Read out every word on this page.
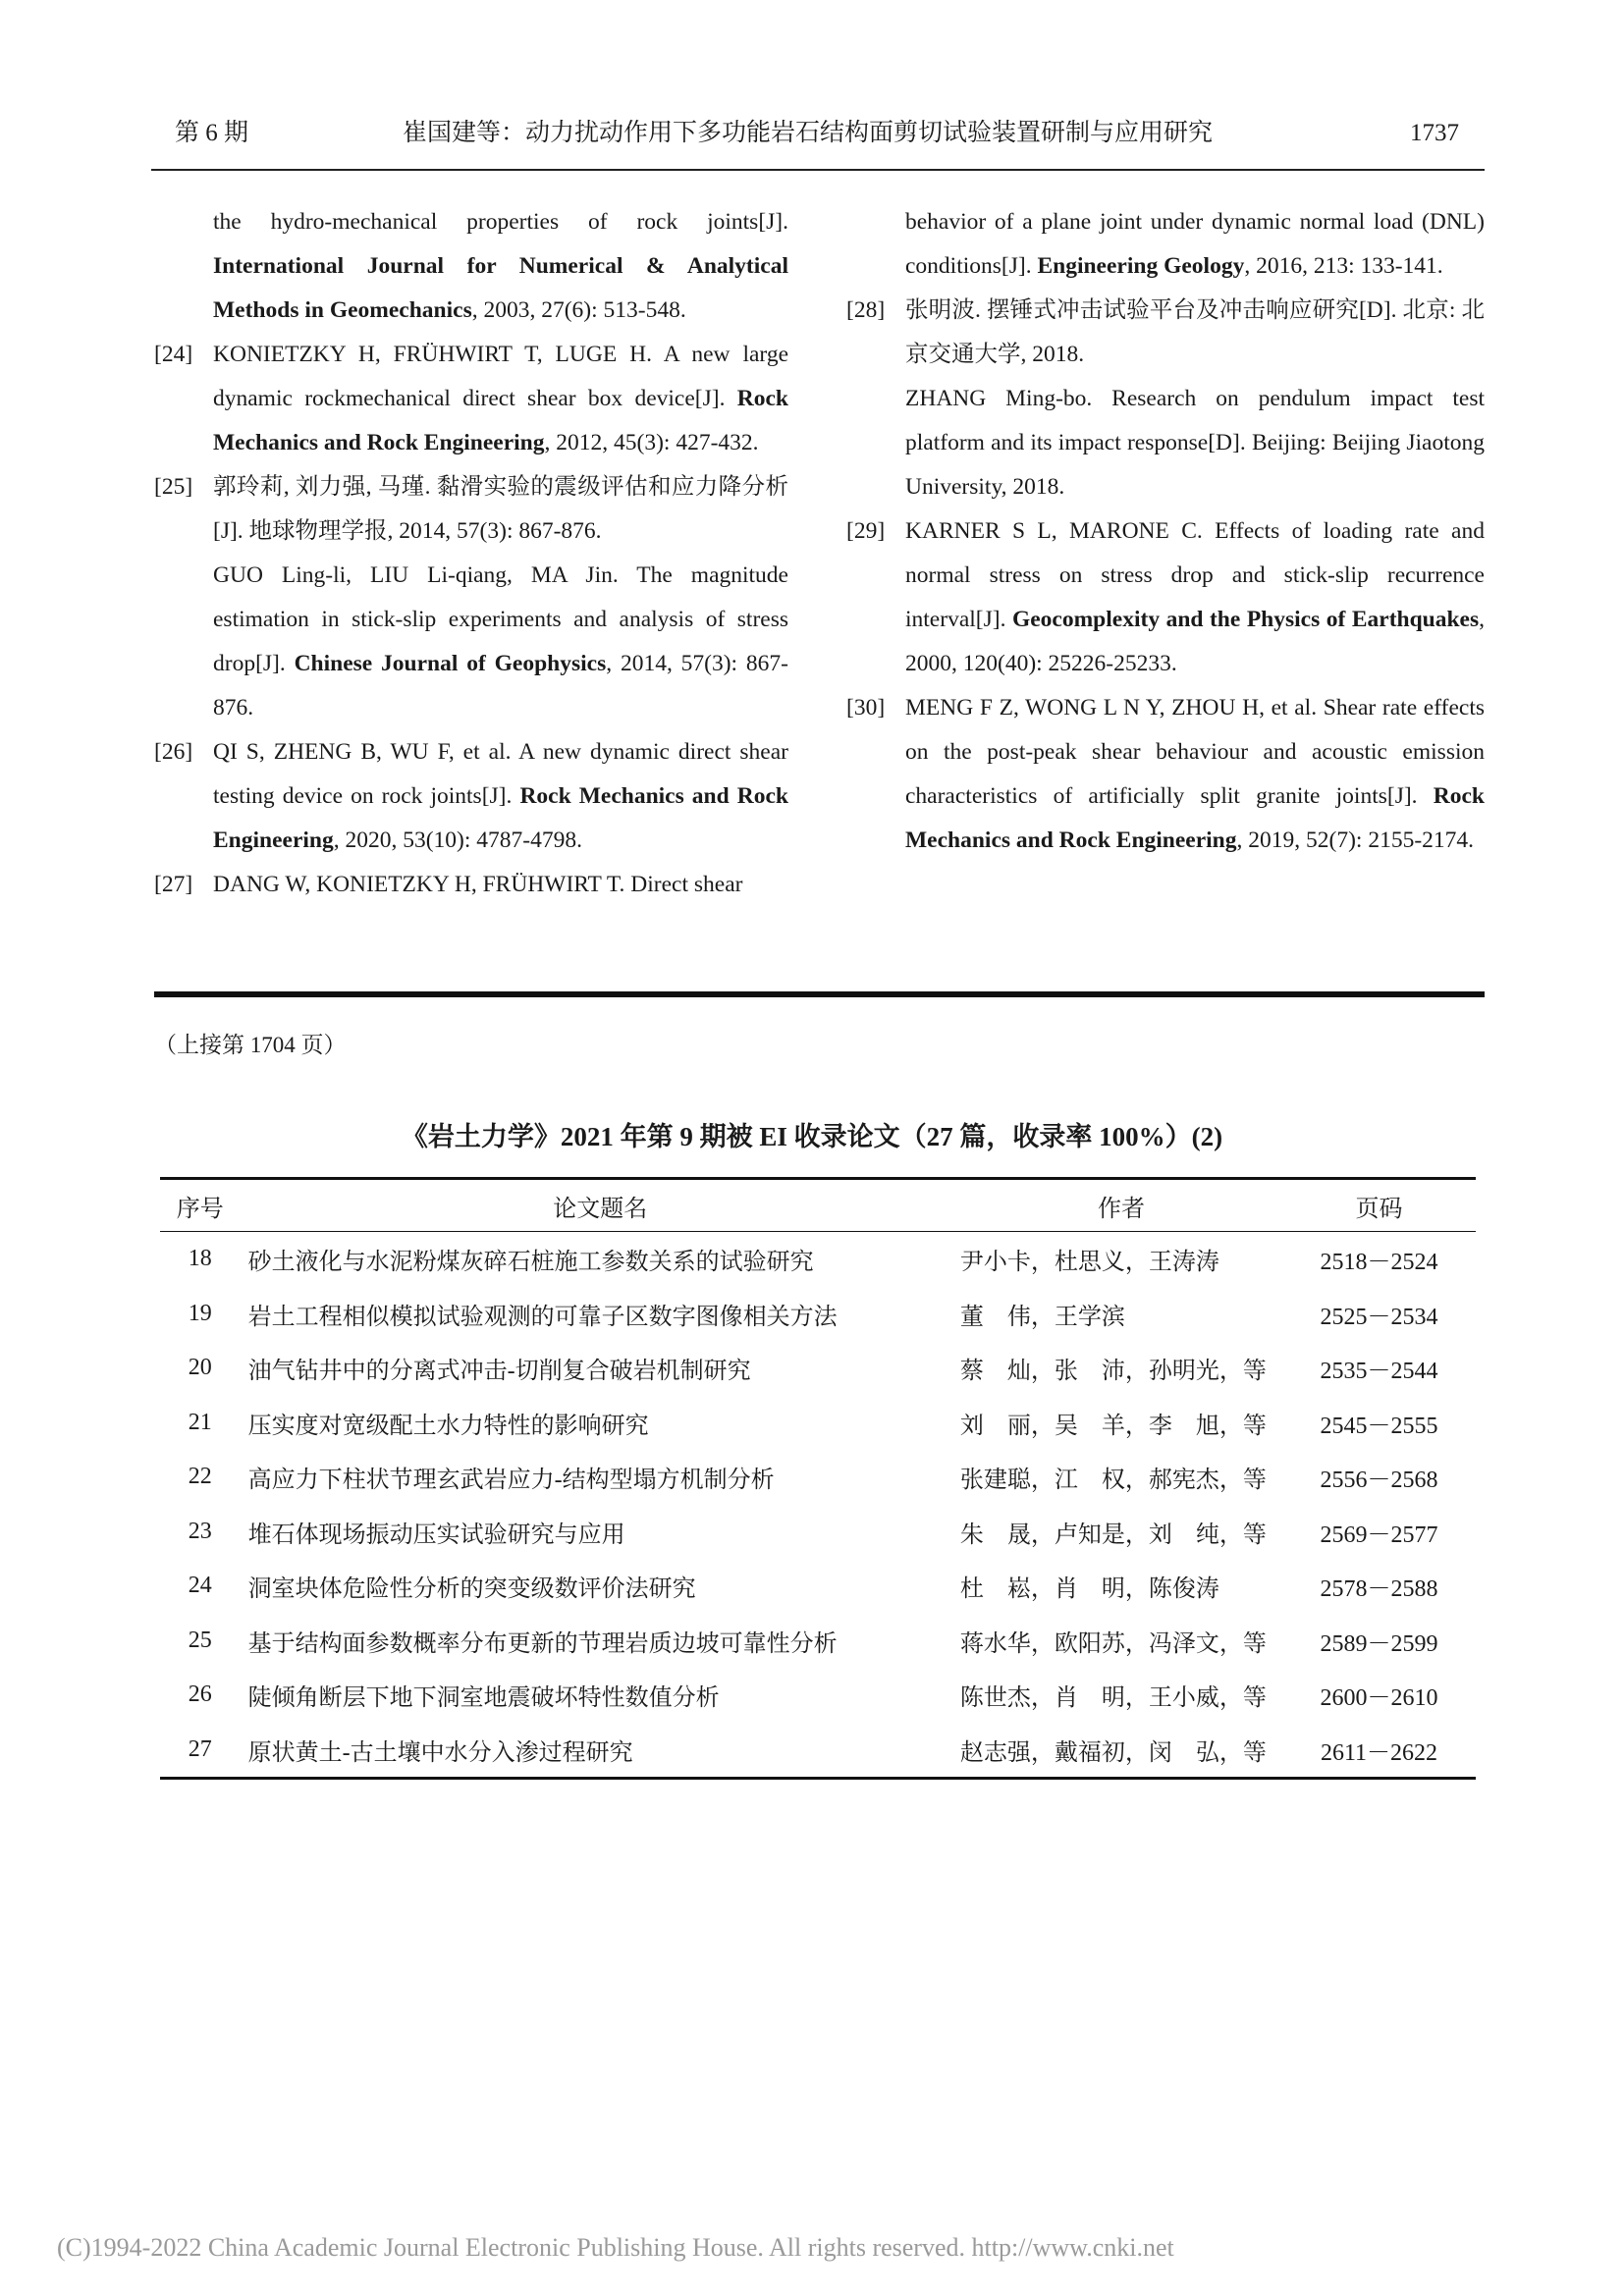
第 6 期	崔国建等：动力扰动作用下多功能岩石结构面剪切试验装置研制与应用研究	1737

the hydro-mechanical properties of rock joints[J]. International Journal for Numerical & Analytical Methods in Geomechanics, 2003, 27(6): 513-548.

[24] KONIETZKY H, FRÜHWIRT T, LUGE H. A new large dynamic rockmechanical direct shear box device[J]. Rock Mechanics and Rock Engineering, 2012, 45(3): 427-432.

[25] 郭玲莉, 刘力强, 马瑾. 黏滑实验的震级评估和应力降分析[J]. 地球物理学报, 2014, 57(3): 867-876.

GUO Ling-li, LIU Li-qiang, MA Jin. The magnitude estimation in stick-slip experiments and analysis of stress drop[J]. Chinese Journal of Geophysics, 2014, 57(3): 867-876.

[26] QI S, ZHENG B, WU F, et al. A new dynamic direct shear testing device on rock joints[J]. Rock Mechanics and Rock Engineering, 2020, 53(10): 4787-4798.

[27] DANG W, KONIETZKY H, FRÜHWIRT T. Direct shear

behavior of a plane joint under dynamic normal load (DNL) conditions[J]. Engineering Geology, 2016, 213: 133-141.

[28] 张明波. 摆锤式冲击试验平台及冲击响应研究[D]. 北京: 北京交通大学, 2018.

ZHANG Ming-bo. Research on pendulum impact test platform and its impact response[D]. Beijing: Beijing Jiaotong University, 2018.

[29] KARNER S L, MARONE C. Effects of loading rate and normal stress on stress drop and stick-slip recurrence interval[J]. Geocomplexity and the Physics of Earthquakes, 2000, 120(40): 25226-25233.

[30] MENG F Z, WONG L N Y, ZHOU H, et al. Shear rate effects on the post-peak shear behaviour and acoustic emission characteristics of artificially split granite joints[J]. Rock Mechanics and Rock Engineering, 2019, 52(7): 2155-2174.

（上接第 1704 页）
《岩土力学》2021 年第 9 期被 EI 收录论文（27 篇，收录率 100%）(2)
序号	论文题名	作者	页码
18	砂土液化与水泥粉煤灰碎石桩施工参数关系的试验研究	尹小卡，杜思义，王涛涛	2518－2524
19	岩土工程相似模拟试验观测的可靠子区数字图像相关方法	董　伟，王学滨	2525－2534
20	油气钻井中的分离式冲击-切削复合破岩机制研究	蔡　灿，张　沛，孙明光，等	2535－2544
21	压实度对宽级配土水力特性的影响研究	刘　丽，吴　羊，李　旭，等	2545－2555
22	高应力下柱状节理玄武岩应力-结构型塌方机制分析	张建聪，江　权，郝宪杰，等	2556－2568
23	堆石体现场振动压实试验研究与应用	朱　晟，卢知是，刘　纯，等	2569－2577
24	洞室块体危险性分析的突变级数评价法研究	杜　崧，肖　明，陈俊涛	2578－2588
25	基于结构面参数概率分布更新的节理岩质边坡可靠性分析	蒋水华，欧阳苏，冯泽文，等	2589－2599
26	陡倾角断层下地下洞室地震破坏特性数值分析	陈世杰，肖　明，王小威，等	2600－2610
27	原状黄土-古土壤中水分入渗过程研究	赵志强，戴福初，闵　弘，等	2611－2622
(C)1994-2022 China Academic Journal Electronic Publishing House. All rights reserved. http://www.cnki.net
